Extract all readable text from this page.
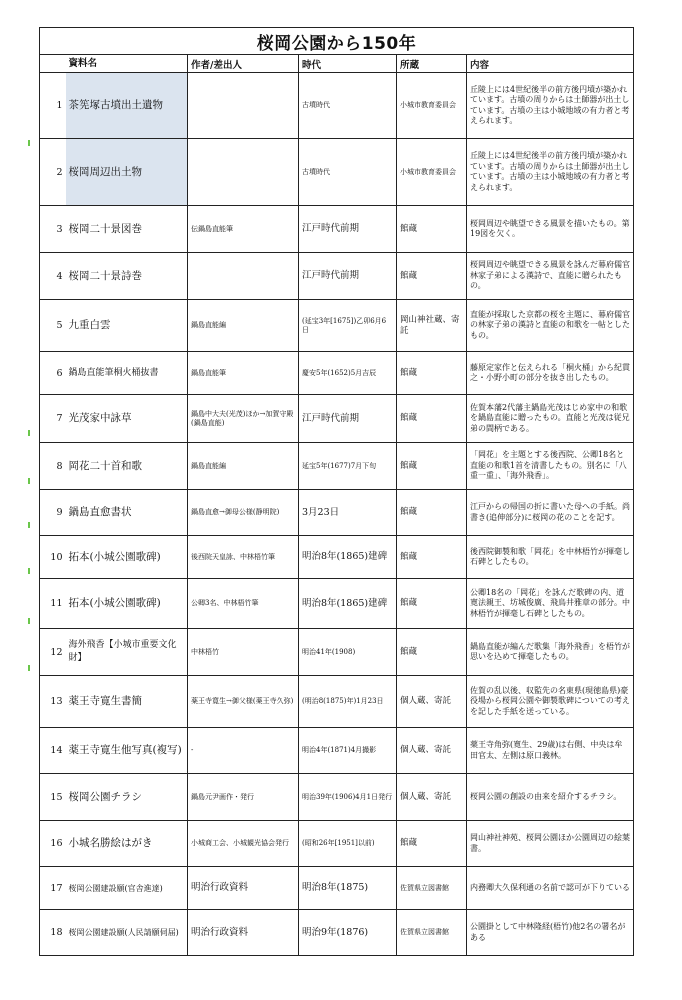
桜岡公園から150年					
	資料名	作者/差出人	時代	所蔵	内容
1	茶筅塚古墳出土遺物		古墳時代	小城市教育委員会	丘陵上には4世紀後半の前方後円墳が築かれています。古墳の周りからは土師器が出土しています。古墳の主は小城地域の有力者と考えられます。
2	桜岡周辺出土物		古墳時代	小城市教育委員会	丘陵上には4世紀後半の前方後円墳が築かれています。古墳の周りからは土師器が出土しています。古墳の主は小城地域の有力者と考えられます。
3	桜岡二十景図巻	伝鍋島直能筆	江戸時代前期	館蔵	桜岡周辺や眺望できる風景を描いたもの。第19図を欠く。
4	桜岡二十景詩巻		江戸時代前期	館蔵	桜岡周辺や眺望できる風景を詠んだ幕府儒官林家子弟による漢詩で、直能に贈られたもの。
5	九重白雲	鍋島直能編	(延宝3年[1675])乙卯6月6日	岡山神社蔵、寄託	直能が採取した京都の桜を主題に、幕府儒官の林家子弟の漢詩と直能の和歌を一帖としたもの。
6	鍋島直能筆桐火桶抜書	鍋島直能筆	慶安5年(1652)5月吉辰	館蔵	藤原定家作と伝えられる「桐火桶」から紀貫之・小野小町の部分を抜き出したもの。
7	光茂家中詠草	鍋島中大夫(光茂)ほか→加賀守殿(鍋島直能)	江戸時代前期	館蔵	佐賀本藩2代藩主鍋島光茂はじめ家中の和歌を鍋島直能に贈ったもの。直能と光茂は従兄弟の間柄である。
8	岡花二十首和歌	鍋島直能編	延宝5年(1677)7月下旬	館蔵	「岡花」を主題とする後西院、公卿18名と直能の和歌1首を清書したもの。別名に「八重一重」、「海外飛香」。
9	鍋島直愈書状	鍋島直愈→御母公様(静明院)	3月23日	館蔵	江戸からの帰国の折に書いた母への手紙。尚書き(追伸部分)に桜岡の花のことを記す。
10	拓本(小城公園歌碑)	後西院天皇詠、中林梧竹筆	明治8年(1865)建碑	館蔵	後西院御製和歌「岡花」を中林梧竹が揮毫し石碑としたもの。
11	拓本(小城公園歌碑)	公卿3名、中林梧竹筆	明治8年(1865)建碑	館蔵	公卿18名の「岡花」を詠んだ歌碑の内、道寛法親王、坊城俊廣、飛鳥井雅章の部分。中林梧竹が揮毫し石碑としたもの。
12	海外飛香【小城市重要文化財】	中林梧竹	明治41年(1908)	館蔵	鍋島直能が編んだ歌集「海外飛香」を梧竹が思いを込めて揮毫したもの。
13	薬王寺寛生書簡	薬王寺寛生→御父様(薬王寺久弥)	(明治8(1875)年)1月23日	個人蔵、寄託	佐賀の乱以後、収監先の名東県(現徳島県)豪役場から桜岡公園や御製歌碑についての考えを記した手紙を送っている。
14	薬王寺寛生他写真(複写)	-	明治4年(1871)4月撮影	個人蔵、寄託	薬王寺角弥(寛生、29歳)は右側、中央は牟田官太、左側は原口義林。
15	桜岡公園チラシ	鍋島元尹画作・発行	明治39年(1906)4月1日発行	個人蔵、寄託	桜岡公園の創設の由来を紹介するチラシ。
16	小城名勝絵はがき	小城商工会、小城観光協会発行	(昭和26年[1951]以前)	館蔵	岡山神社神苑、桜岡公園ほか公園周辺の絵葉書。
17	桜岡公園建設願(官舎進達)	明治行政資料	明治8年(1875)	佐賀県立図書館	内務卿大久保利通の名前で認可が下りている
18	桜岡公園建設願(人民請願伺届)	明治行政資料	明治9年(1876)	佐賀県立図書館	公園掛として中林隆経(梧竹)他2名の署名がある
